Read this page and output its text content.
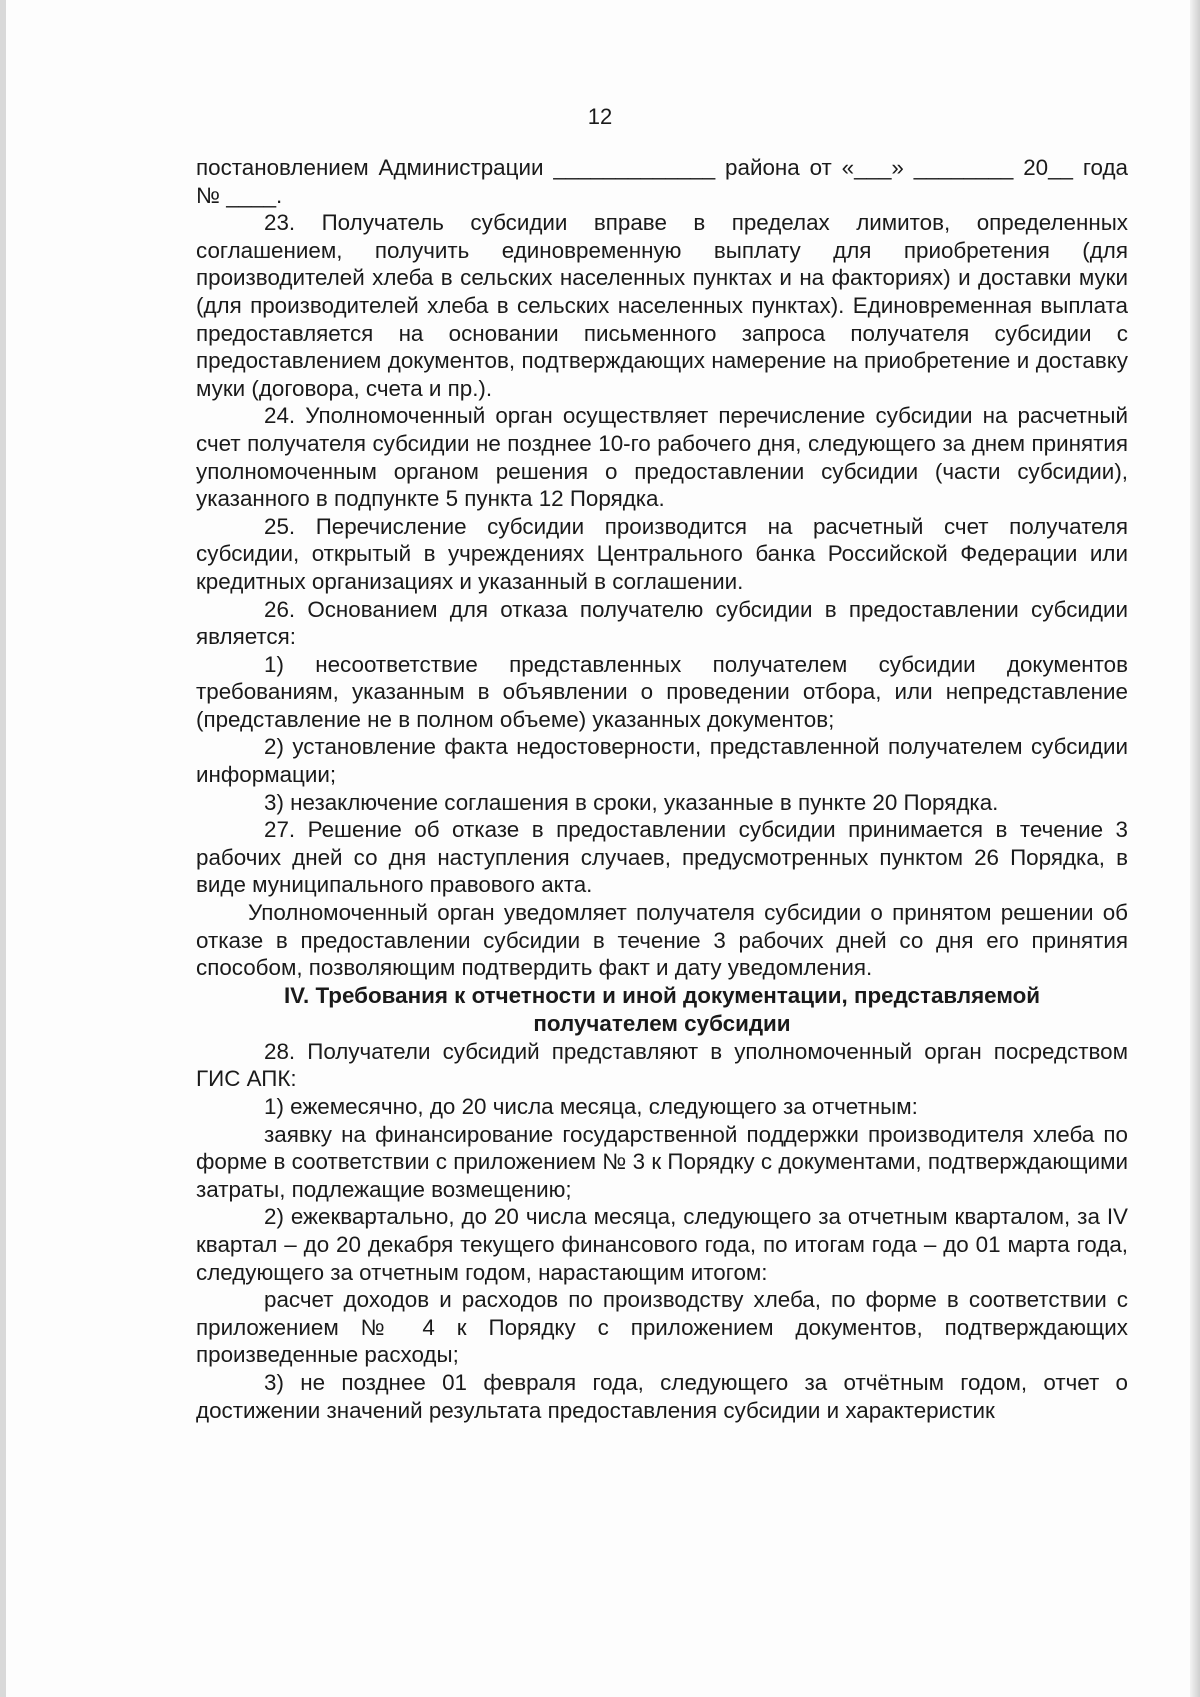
12

постановлением Администрации _____________ района от «___» ________ 20__ года № ____.

23. Получатель субсидии вправе в пределах лимитов, определенных соглашением, получить единовременную выплату для приобретения (для производителей хлеба в сельских населенных пунктах и на факториях) и доставки муки (для производителей хлеба в сельских населенных пунктах). Единовременная выплата предоставляется на основании письменного запроса получателя субсидии с предоставлением документов, подтверждающих намерение на приобретение и доставку муки (договора, счета и пр.).

24. Уполномоченный орган осуществляет перечисление субсидии на расчетный счет получателя субсидии не позднее 10-го рабочего дня, следующего за днем принятия уполномоченным органом решения о предоставлении субсидии (части субсидии), указанного в подпункте 5 пункта 12 Порядка.

25. Перечисление субсидии производится на расчетный счет получателя субсидии, открытый в учреждениях Центрального банка Российской Федерации или кредитных организациях и указанный в соглашении.

26. Основанием для отказа получателю субсидии в предоставлении субсидии является:

1) несоответствие представленных получателем субсидии документов требованиям, указанным в объявлении о проведении отбора, или непредставление (представление не в полном объеме) указанных документов;

2) установление факта недостоверности, представленной получателем субсидии информации;

3) незаключение соглашения в сроки, указанные в пункте 20 Порядка.

27. Решение об отказе в предоставлении субсидии принимается в течение 3 рабочих дней со дня наступления случаев, предусмотренных пунктом 26 Порядка, в виде муниципального правового акта.

Уполномоченный орган уведомляет получателя субсидии о принятом решении об отказе в предоставлении субсидии в течение 3 рабочих дней со дня его принятия способом, позволяющим подтвердить факт и дату уведомления.

IV. Требования к отчетности и иной документации, представляемой
получателем субсидии

28. Получатели субсидий представляют в уполномоченный орган посредством ГИС АПК:

1) ежемесячно, до 20 числа месяца, следующего за отчетным:

заявку на финансирование государственной поддержки производителя хлеба по форме в соответствии с приложением № 3 к Порядку с документами, подтверждающими затраты, подлежащие возмещению;

2) ежеквартально, до 20 числа месяца, следующего за отчетным кварталом, за IV квартал – до 20 декабря текущего финансового года, по итогам года – до 01 марта года, следующего за отчетным годом, нарастающим итогом:

расчет доходов и расходов по производству хлеба, по форме в соответствии с приложением № 4 к Порядку с приложением документов, подтверждающих произведенные расходы;

3) не позднее 01 февраля года, следующего за отчётным годом, отчет о достижении значений результата предоставления субсидии и характеристик
